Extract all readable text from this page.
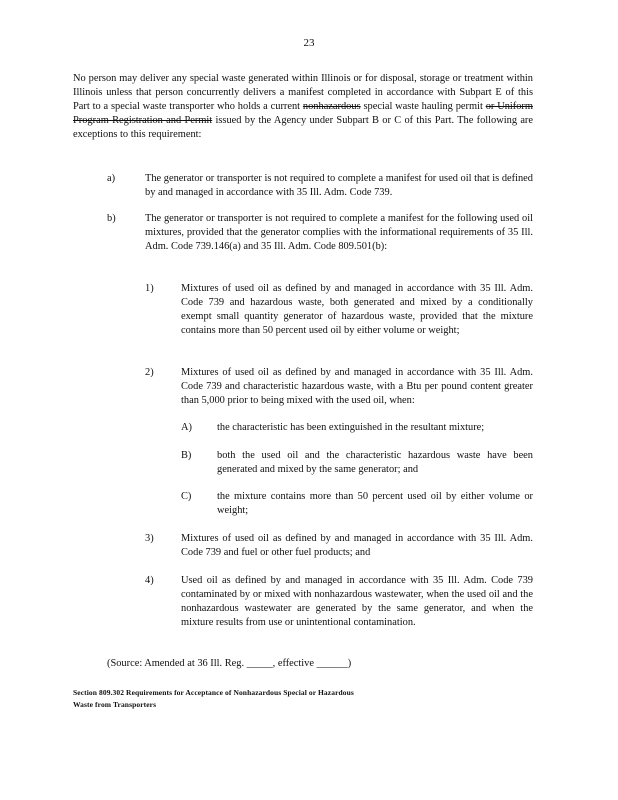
23
No person may deliver any special waste generated within Illinois or for disposal, storage or treatment within Illinois unless that person concurrently delivers a manifest completed in accordance with Subpart E of this Part to a special waste transporter who holds a current nonhazardous special waste hauling permit or Uniform Program Registration and Permit issued by the Agency under Subpart B or C of this Part. The following are exceptions to this requirement:
a)	The generator or transporter is not required to complete a manifest for used oil that is defined by and managed in accordance with 35 Ill. Adm. Code 739.
b)	The generator or transporter is not required to complete a manifest for the following used oil mixtures, provided that the generator complies with the informational requirements of 35 Ill. Adm. Code 739.146(a) and 35 Ill. Adm. Code 809.501(b):
1)	Mixtures of used oil as defined by and managed in accordance with 35 Ill. Adm. Code 739 and hazardous waste, both generated and mixed by a conditionally exempt small quantity generator of hazardous waste, provided that the mixture contains more than 50 percent used oil by either volume or weight;
2)	Mixtures of used oil as defined by and managed in accordance with 35 Ill. Adm. Code 739 and characteristic hazardous waste, with a Btu per pound content greater than 5,000 prior to being mixed with the used oil, when:
A) the characteristic has been extinguished in the resultant mixture;
B) both the used oil and the characteristic hazardous waste have been generated and mixed by the same generator; and
C) the mixture contains more than 50 percent used oil by either volume or weight;
3)	Mixtures of used oil as defined by and managed in accordance with 35 Ill. Adm. Code 739 and fuel or other fuel products; and
4)	Used oil as defined by and managed in accordance with 35 Ill. Adm. Code 739 contaminated by or mixed with nonhazardous wastewater, when the used oil and the nonhazardous wastewater are generated by the same generator, and when the mixture results from use or unintentional contamination.
(Source: Amended at 36 Ill. Reg. _____, effective ______)
Section 809.302 Requirements for Acceptance of Nonhazardous Special or Hazardous
Waste from Transporters
